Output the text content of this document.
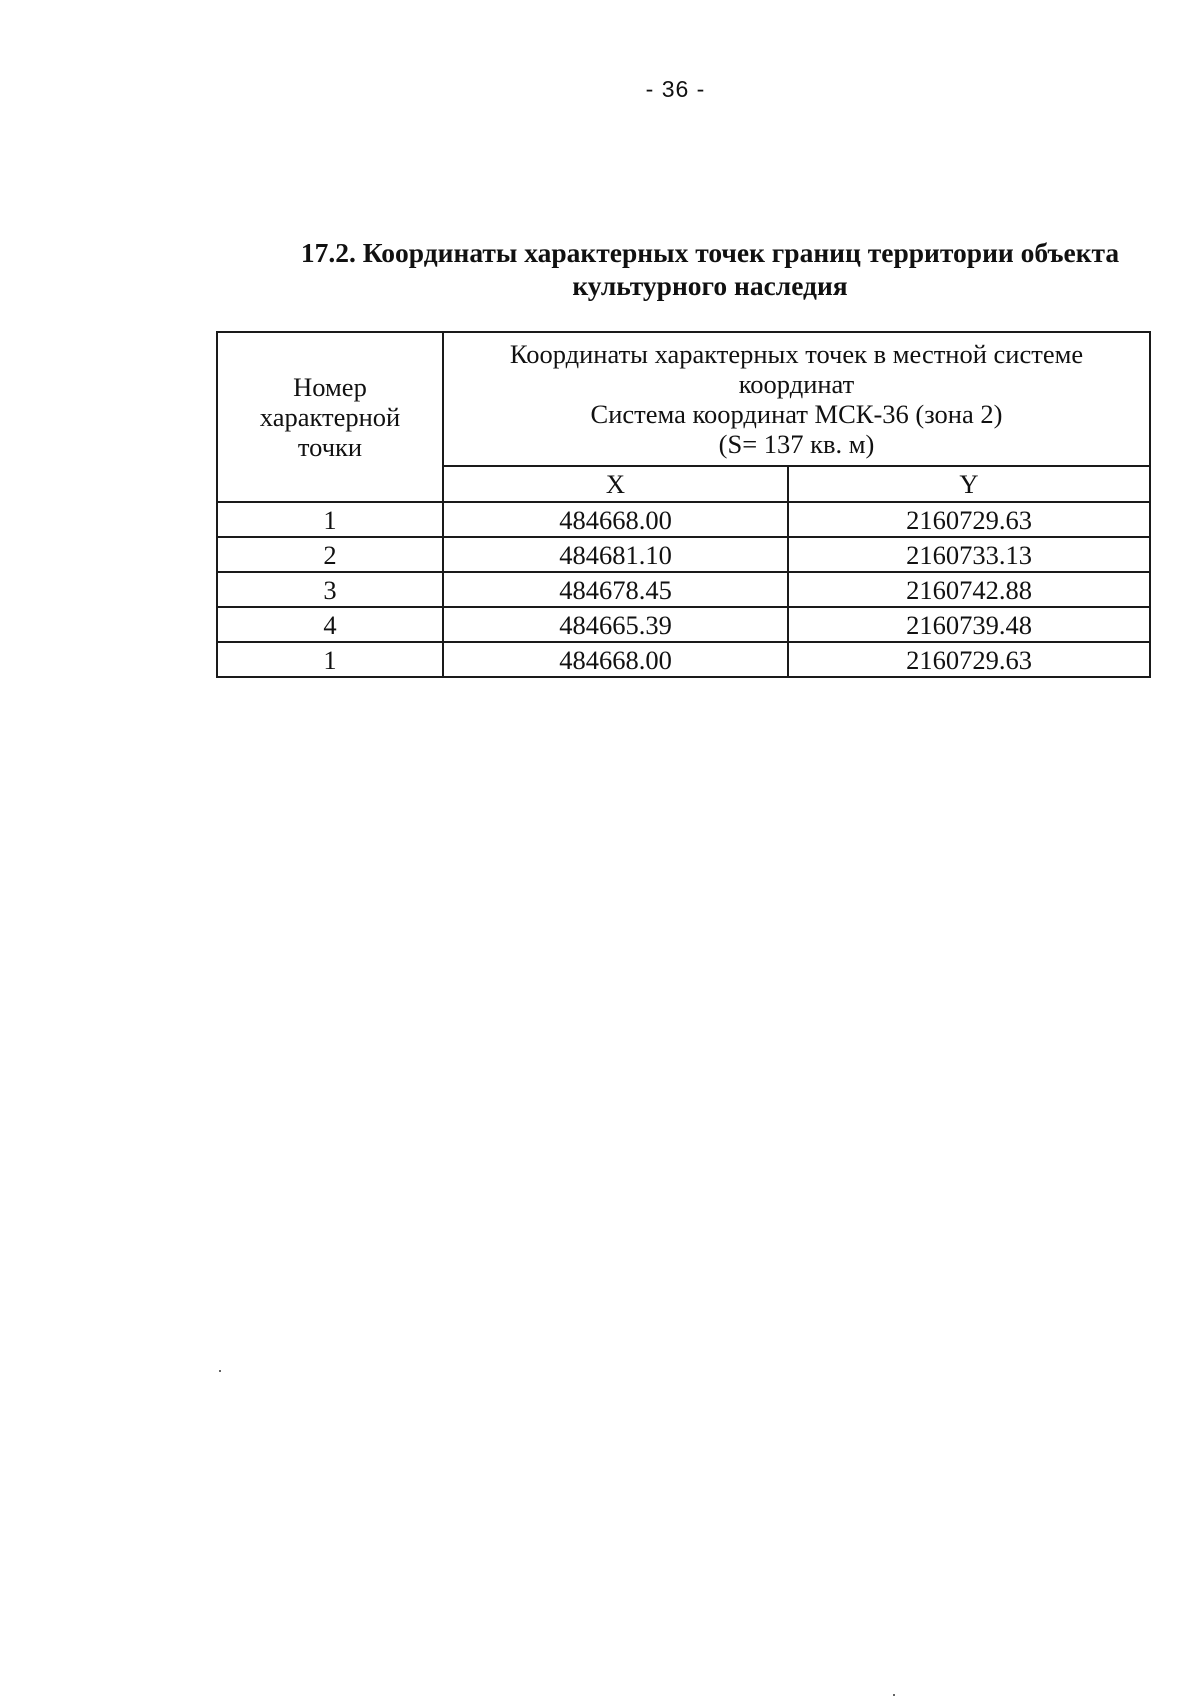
- 36 -
17.2. Координаты характерных точек границ территории объекта
культурного наследия
Номер
характерной
точки	Координаты характерных точек в местной системе
координат
Система координат МСК-36 (зона 2)
(S= 137 кв. м)	

	X	Y
1	484668.00	2160729.63
2	484681.10	2160733.13
3	484678.45	2160742.88
4	484665.39	2160739.48
1	484668.00	2160729.63
